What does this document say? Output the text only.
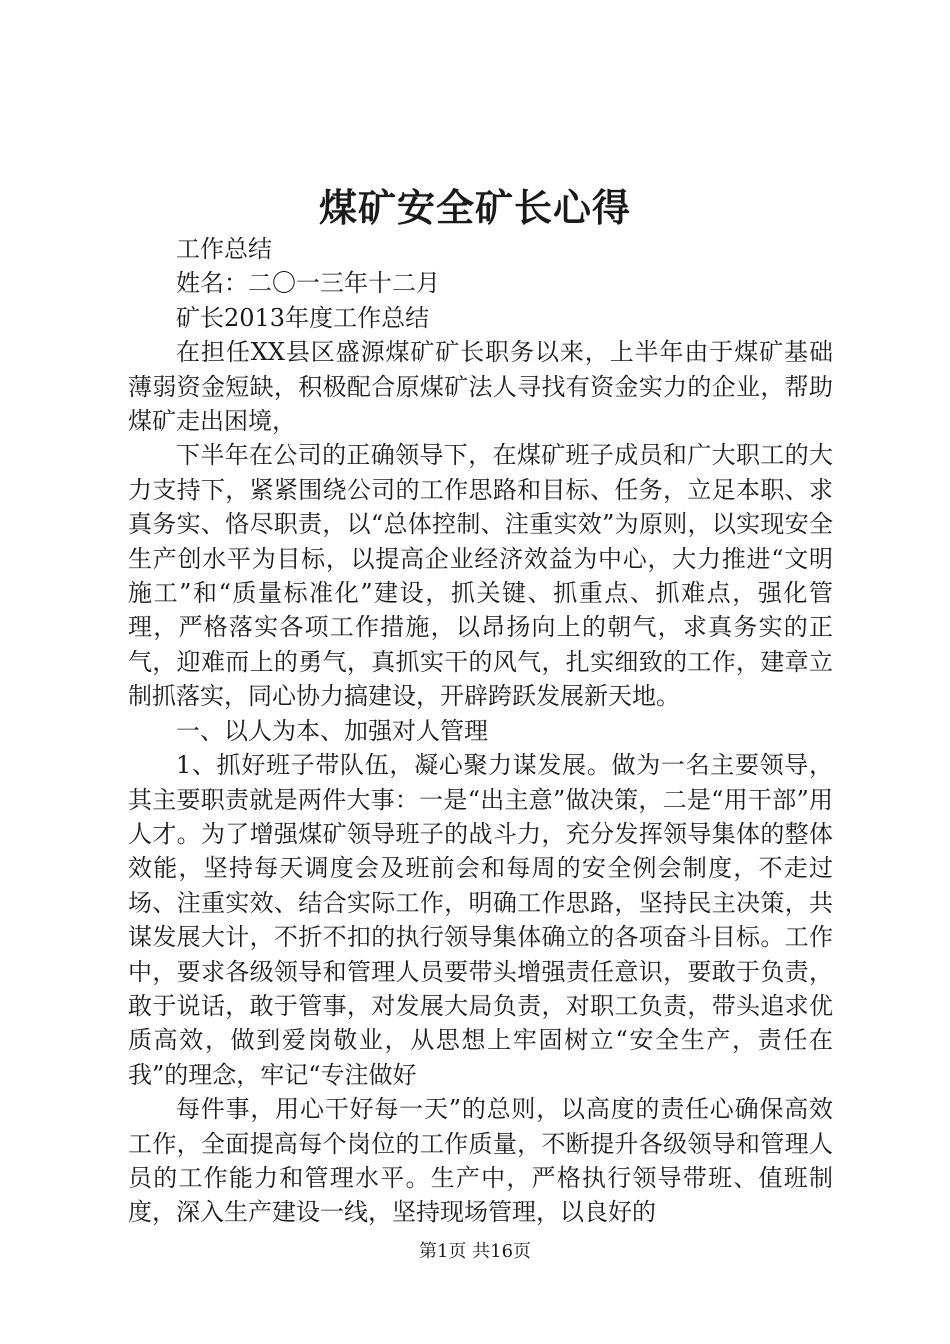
煤矿安全矿长心得

工作总结

姓名：二〇一三年十二月

矿长2013年度工作总结

在担任XX县区盛源煤矿矿长职务以来，上半年由于煤矿基础薄弱资金短缺，积极配合原煤矿法人寻找有资金实力的企业，帮助煤矿走出困境，

下半年在公司的正确领导下，在煤矿班子成员和广大职工的大力支持下，紧紧围绕公司的工作思路和目标、任务，立足本职、求真务实、恪尽职责，以“总体控制、注重实效”为原则，以实现安全生产创水平为目标，以提高企业经济效益为中心，大力推进“文明施工”和“质量标准化”建设，抓关键、抓重点、抓难点，强化管理，严格落实各项工作措施，以昂扬向上的朝气，求真务实的正气，迎难而上的勇气，真抓实干的风气，扎实细致的工作，建章立制抓落实，同心协力搞建设，开辟跨跃发展新天地。

一、以人为本、加强对人管理

1、抓好班子带队伍，凝心聚力谋发展。做为一名主要领导，其主要职责就是两件大事：一是“出主意”做决策，二是“用干部”用人才。为了增强煤矿领导班子的战斗力，充分发挥领导集体的整体效能，坚持每天调度会及班前会和每周的安全例会制度，不走过场、注重实效、结合实际工作，明确工作思路，坚持民主决策，共谋发展大计，不折不扣的执行领导集体确立的各项奋斗目标。工作中，要求各级领导和管理人员要带头增强责任意识，要敢于负责，敢于说话，敢于管事，对发展大局负责，对职工负责，带头追求优质高效，做到爱岗敬业，从思想上牢固树立“安全生产，责任在我”的理念，牢记“专注做好

每件事，用心干好每一天”的总则，以高度的责任心确保高效工作，全面提高每个岗位的工作质量，不断提升各级领导和管理人员的工作能力和管理水平。生产中，严格执行领导带班、值班制度，深入生产建设一线，坚持现场管理，以良好的

第1页 共16页
